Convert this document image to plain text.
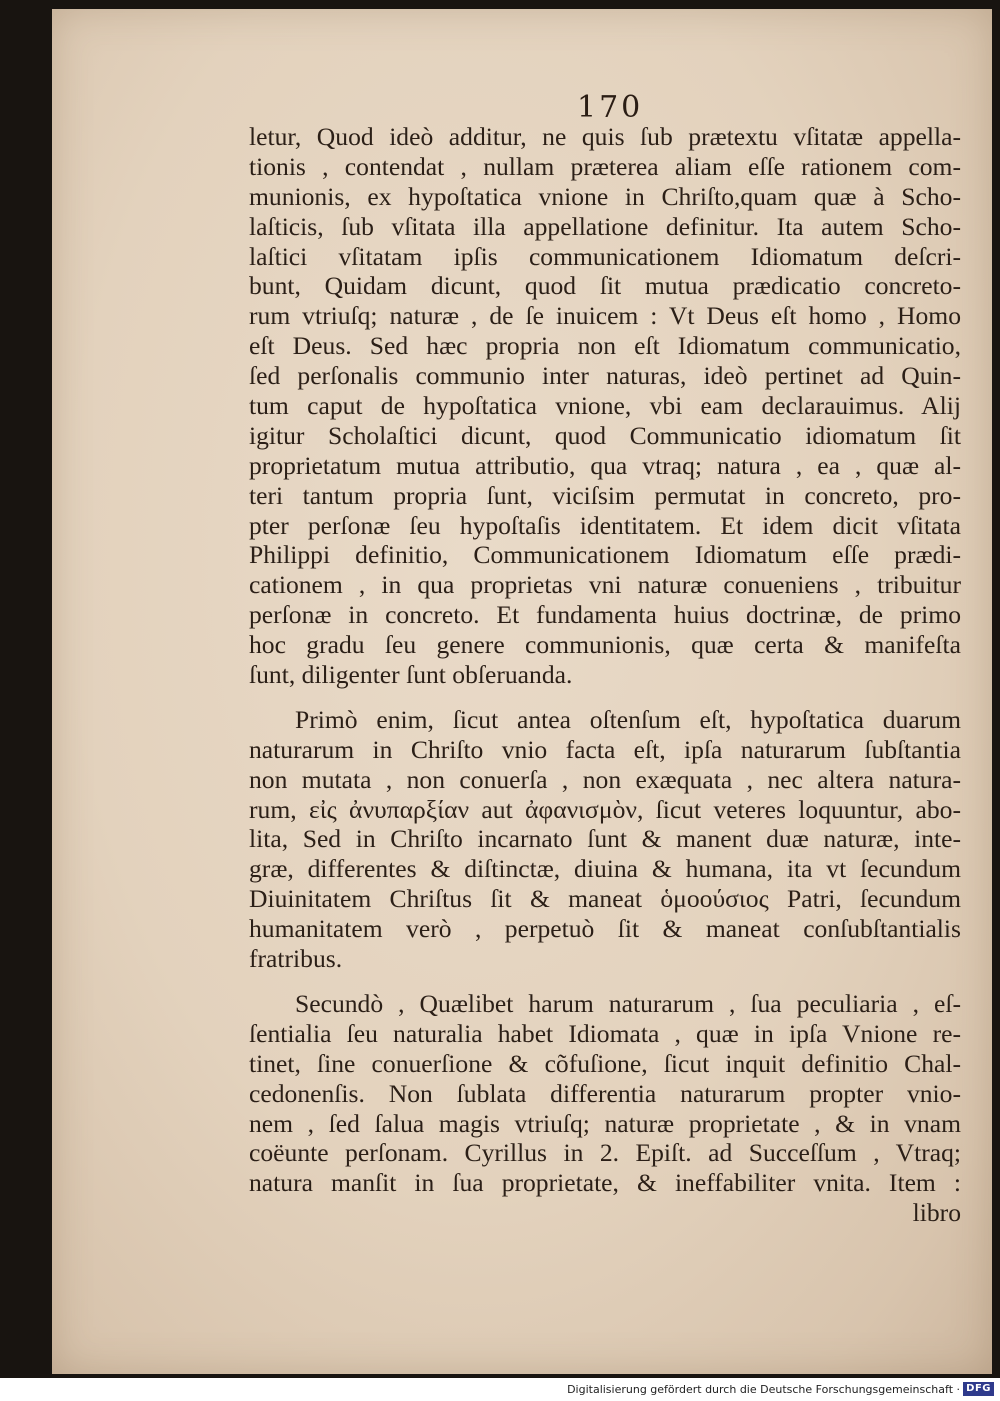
170
letur, Quod ideò additur, ne quis ſub prætextu vſitatæ appella-
tionis , contendat , nullam præterea aliam eſſe rationem com-
munionis, ex hypoſtatica vnione in Chriſto,quam quæ à Scho-
laſticis, ſub vſitata illa appellatione definitur. Ita autem Scho-
laſtici vſitatam ipſis communicationem Idiomatum deſcri-
bunt, Quidam dicunt, quod ſit mutua prædicatio concreto-
rum vtriuſq; naturæ , de ſe inuicem : Vt Deus eſt homo , Homo
eſt Deus. Sed hæc propria non eſt Idiomatum communicatio,
ſed perſonalis communio inter naturas, ideò pertinet ad Quin-
tum caput de hypoſtatica vnione, vbi eam declarauimus. Alij
igitur Scholaſtici dicunt, quod Communicatio idiomatum ſit
proprietatum mutua attributio, qua vtraq; natura , ea , quæ al-
teri tantum propria ſunt, viciſsim permutat in concreto, pro-
pter perſonæ ſeu hypoſtaſis identitatem. Et idem dicit vſitata
Philippi definitio, Communicationem Idiomatum eſſe prædi-
cationem , in qua proprietas vni naturæ conueniens , tribuitur
perſonæ in concreto. Et fundamenta huius doctrinæ, de primo
hoc gradu ſeu genere communionis, quæ certa & manifeſta
ſunt, diligenter ſunt obſeruanda.
Primò enim, ſicut antea oſtenſum eſt, hypoſtatica duarum
naturarum in Chriſto vnio facta eſt, ipſa naturarum ſubſtantia
non mutata , non conuerſa , non exæquata , nec altera natura-
rum, εἰς ἀνυπαρξίαν aut ἀφανισμὸν, ſicut veteres loquuntur, abo-
lita, Sed in Chriſto incarnato ſunt & manent duæ naturæ, inte-
græ, differentes & diſtinctæ, diuina & humana, ita vt ſecundum
Diuinitatem Chriſtus ſit & maneat ὁμοούσιος Patri, ſecundum
humanitatem verò , perpetuò ſit & maneat conſubſtantialis
fratribus.
Secundò , Quælibet harum naturarum , ſua peculiaria , eſ-
ſentialia ſeu naturalia habet Idiomata , quæ in ipſa Vnione re-
tinet, ſine conuerſione & cõfuſione, ſicut inquit definitio Chal-
cedonenſis. Non ſublata differentia naturarum propter vnio-
nem , ſed ſalua magis vtriuſq; naturæ proprietate , & in vnam
coëunte perſonam. Cyrillus in 2. Epiſt. ad Succeſſum , Vtraq;
natura manſit in ſua proprietate, & ineffabiliter vnita. Item :
libro
Digitalisierung gefördert durch die Deutsche Forschungsgemeinschaft · DFG
